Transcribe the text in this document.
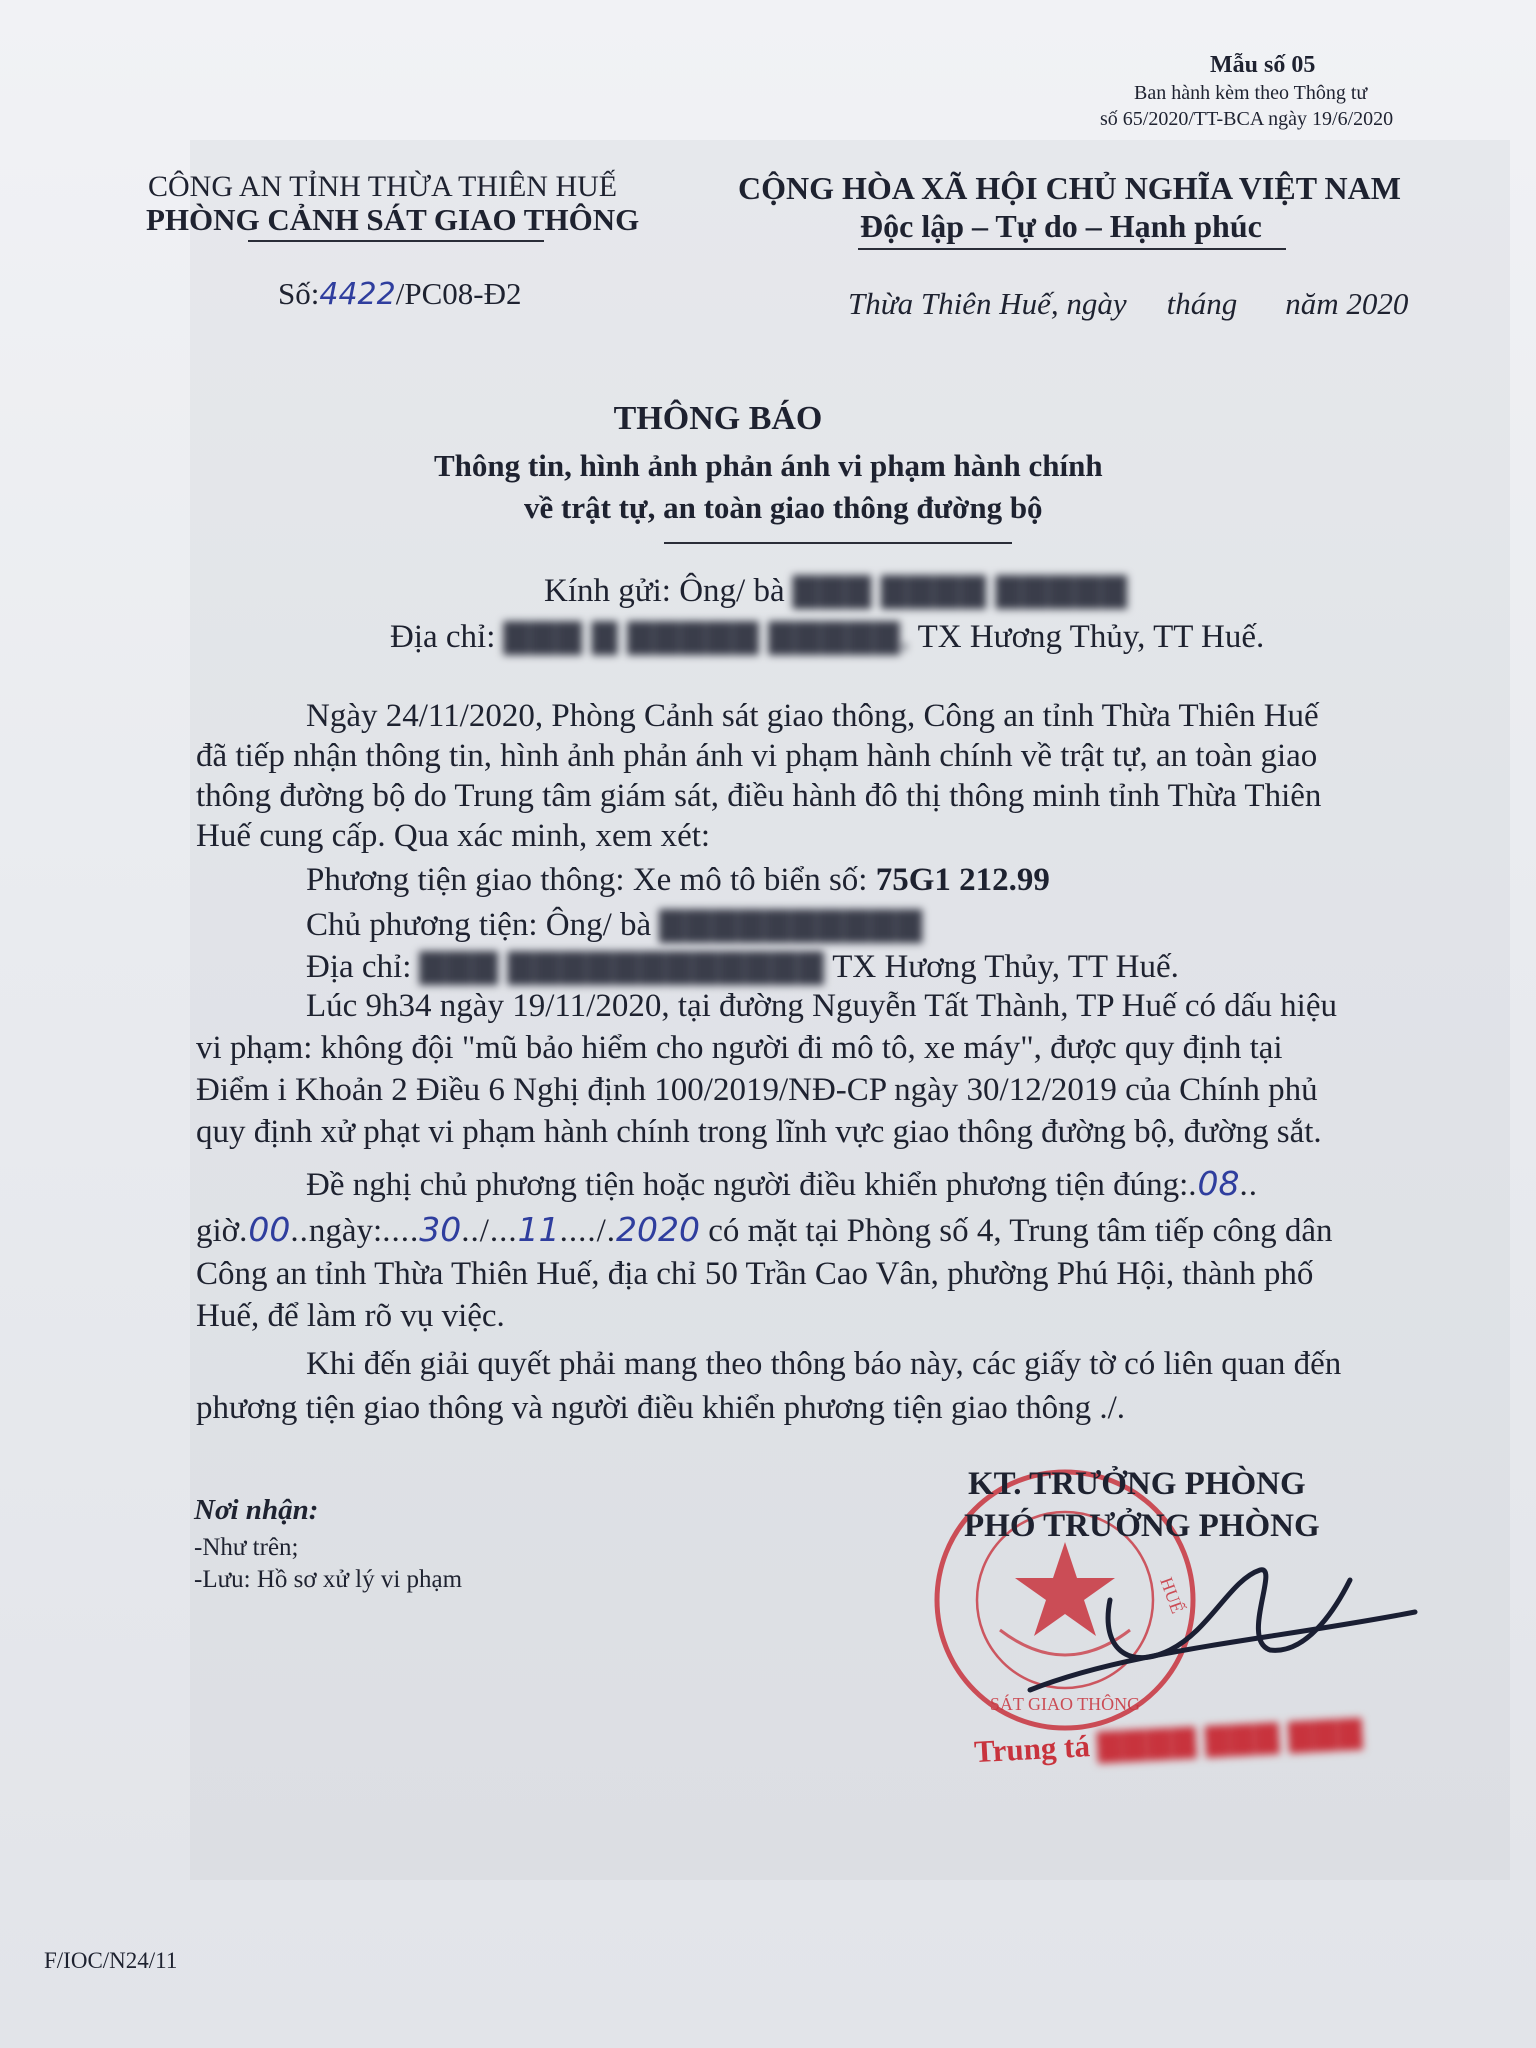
Mẫu số 05
Ban hành kèm theo Thông tư
số 65/2020/TT-BCA ngày 19/6/2020
CÔNG AN TỈNH THỪA THIÊN HUẾ
PHÒNG CẢNH SÁT GIAO THÔNG
Số:4422/PC08-Đ2
CỘNG HÒA XÃ HỘI CHỦ NGHĨA VIỆT NAM
Độc lập – Tự do – Hạnh phúc
Thừa Thiên Huế, ngày tháng năm 2020
THÔNG BÁO
Thông tin, hình ảnh phản ánh vi phạm hành chính
về trật tự, an toàn giao thông đường bộ
Kính gửi: Ông/ bà ▇▇▇ ▇▇▇▇ ▇▇▇▇▇
Địa chỉ: ▇▇▇ ▇ ▇▇▇▇▇ ▇▇▇▇▇, TX Hương Thủy, TT Huế.
Ngày 24/11/2020, Phòng Cảnh sát giao thông, Công an tỉnh Thừa Thiên Huế
đã tiếp nhận thông tin, hình ảnh phản ánh vi phạm hành chính về trật tự, an toàn giao
thông đường bộ do Trung tâm giám sát, điều hành đô thị thông minh tỉnh Thừa Thiên
Huế cung cấp. Qua xác minh, xem xét:
Phương tiện giao thông: Xe mô tô biển số: 75G1 212.99
Chủ phương tiện: Ông/ bà ▇▇▇▇▇▇▇▇▇▇
Địa chỉ: ▇▇▇ ▇▇▇▇▇▇▇▇▇▇▇▇ TX Hương Thủy, TT Huế.
Lúc 9h34 ngày 19/11/2020, tại đường Nguyễn Tất Thành, TP Huế có dấu hiệu
vi phạm: không đội "mũ bảo hiểm cho người đi mô tô, xe máy", được quy định tại
Điểm i Khoản 2 Điều 6 Nghị định 100/2019/NĐ-CP ngày 30/12/2019 của Chính phủ
quy định xử phạt vi phạm hành chính trong lĩnh vực giao thông đường bộ, đường sắt.
Đề nghị chủ phương tiện hoặc người điều khiển phương tiện đúng:.08..
giờ.00..ngày:....30../...11..../.2020 có mặt tại Phòng số 4, Trung tâm tiếp công dân
Công an tỉnh Thừa Thiên Huế, địa chỉ 50 Trần Cao Vân, phường Phú Hội, thành phố
Huế, để làm rõ vụ việc.
Khi đến giải quyết phải mang theo thông báo này, các giấy tờ có liên quan đến
phương tiện giao thông và người điều khiển phương tiện giao thông ./.
Nơi nhận:
-Như trên;
-Lưu: Hồ sơ xử lý vi phạm
SÁT GIAO THÔNG
HUẾ
KT. TRƯỞNG PHÒNG
PHÓ TRƯỞNG PHÒNG
Trung tá ▇▇▇▇ ▇▇▇ ▇▇▇
F/IOC/N24/11
